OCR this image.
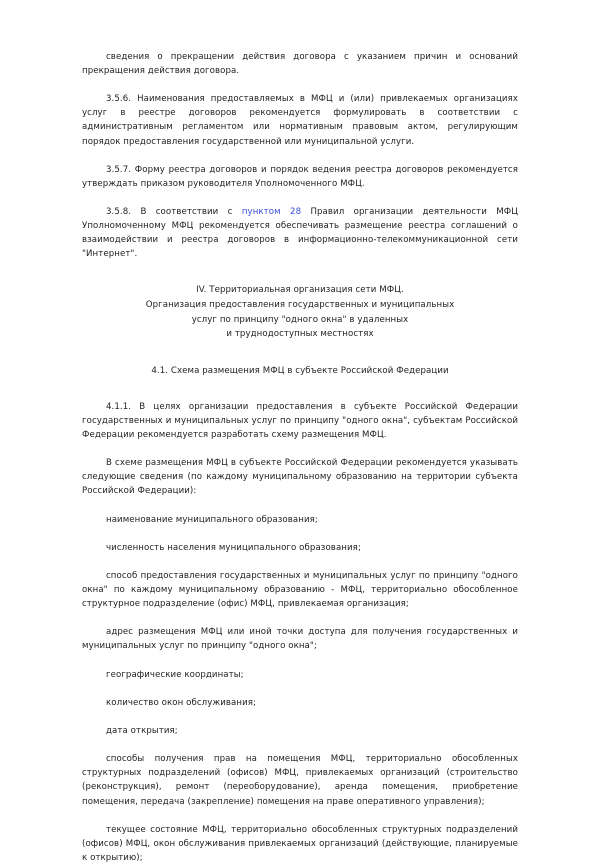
сведения о прекращении действия договора с указанием причин и оснований прекращения действия договора.

3.5.6. Наименования предоставляемых в МФЦ и (или) привлекаемых организациях услуг в реестре договоров рекомендуется формулировать в соответствии с административным регламентом или нормативным правовым актом, регулирующим порядок предоставления государственной или муниципальной услуги.

3.5.7. Форму реестра договоров и порядок ведения реестра договоров рекомендуется утверждать приказом руководителя Уполномоченного МФЦ.

3.5.8. В соответствии с пунктом 28 Правил организации деятельности МФЦ Уполномоченному МФЦ рекомендуется обеспечивать размещение реестра соглашений о взаимодействии и реестра договоров в информационно-телекоммуникационной сети "Интернет".

IV. Территориальная организация сети МФЦ.

Организация предоставления государственных и муниципальных

услуг по принципу "одного окна" в удаленных

и труднодоступных местностях

4.1. Схема размещения МФЦ в субъекте Российской Федерации

4.1.1. В целях организации предоставления в субъекте Российской Федерации государственных и муниципальных услуг по принципу "одного окна", субъектам Российской Федерации рекомендуется разработать схему размещения МФЦ.

В схеме размещения МФЦ в субъекте Российской Федерации рекомендуется указывать следующие сведения (по каждому муниципальному образованию на территории субъекта Российской Федерации):

наименование муниципального образования;

численность населения муниципального образования;

способ предоставления государственных и муниципальных услуг по принципу "одного окна" по каждому муниципальному образованию - МФЦ, территориально обособленное структурное подразделение (офис) МФЦ, привлекаемая организация;

адрес размещения МФЦ или иной точки доступа для получения государственных и муниципальных услуг по принципу "одного окна";

географические координаты;

количество окон обслуживания;

дата открытия;

способы получения прав на помещения МФЦ, территориально обособленных структурных подразделений (офисов) МФЦ, привлекаемых организаций (строительство (реконструкция), ремонт (переоборудование), аренда помещения, приобретение помещения, передача (закрепление) помещения на праве оперативного управления);

текущее состояние МФЦ, территориально обособленных структурных подразделений (офисов) МФЦ, окон обслуживания привлекаемых организаций (действующие, планируемые к открытию);
